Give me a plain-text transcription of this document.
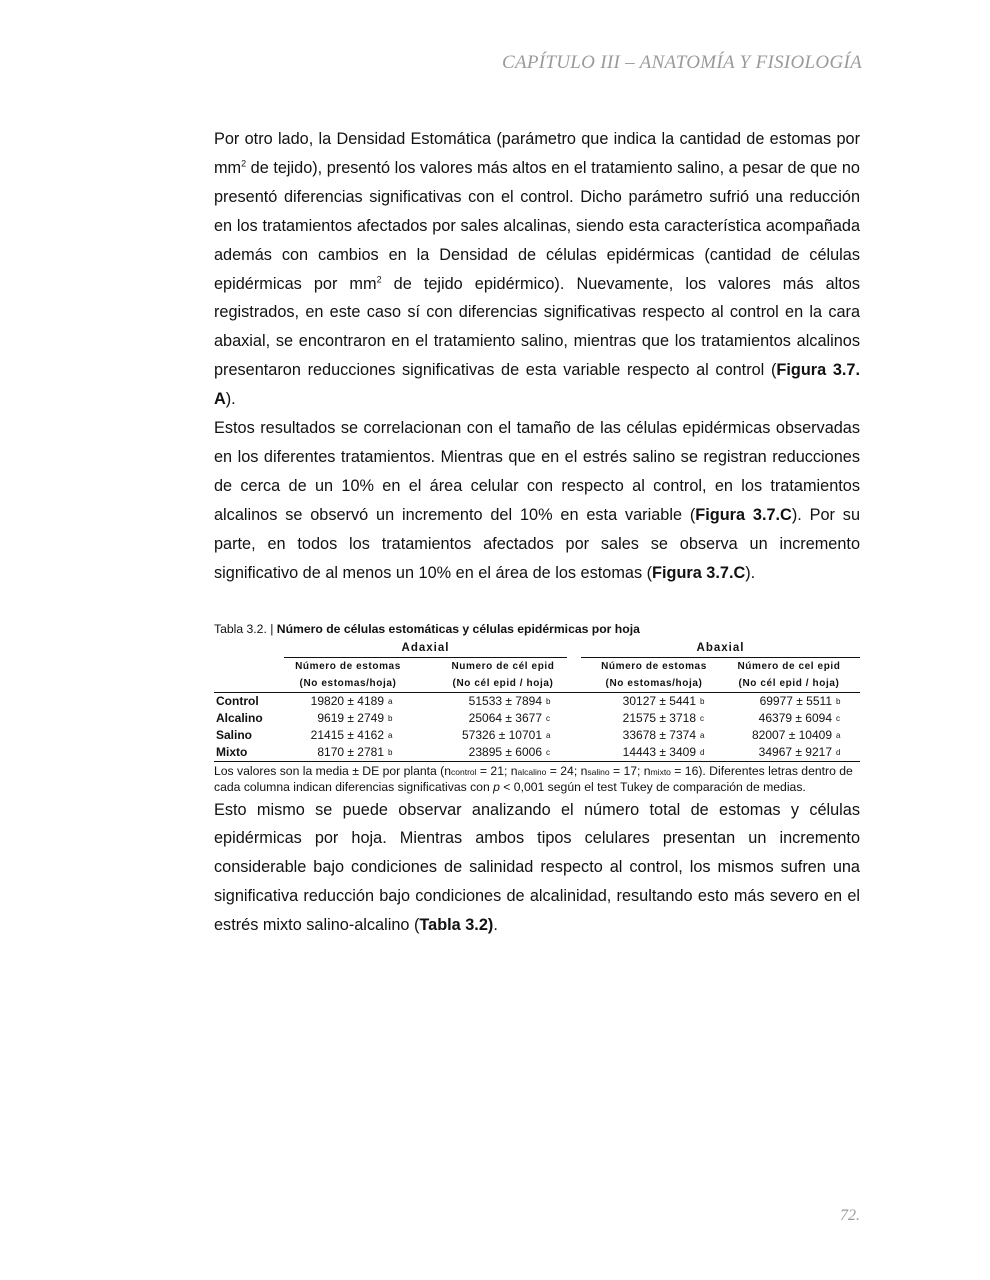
CAPÍTULO III – ANATOMÍA Y FISIOLOGÍA

Por otro lado, la Densidad Estomática (parámetro que indica la cantidad de estomas por $mm^2$ de tejido), presentó los valores más altos en el tratamiento salino, a pesar de que no presentó diferencias significativas con el control. Dicho parámetro sufrió una reducción en los tratamientos afectados por sales alcalinas, siendo esta característica acompañada además con cambios en la Densidad de células epidérmicas (cantidad de células epidérmicas por $mm^2$ de tejido epidérmico). Nuevamente, los valores más altos registrados, en este caso sí con diferencias significativas respecto al control en la cara abaxial, se encontraron en el tratamiento salino, mientras que los tratamientos alcalinos presentaron reducciones significativas de esta variable respecto al control (Figura 3.7. A).

Estos resultados se correlacionan con el tamaño de las células epidérmicas observadas en los diferentes tratamientos. Mientras que en el estrés salino se registran reducciones de cerca de un 10% en el área celular con respecto al control, en los tratamientos alcalinos se observó un incremento del 10% en esta variable (Figura 3.7.C). Por su parte, en todos los tratamientos afectados por sales se observa un incremento significativo de al menos un 10% en el área de los estomas (Figura 3.7.C).

Tabla 3.2. | Número de células estomáticas y células epidérmicas por hoja
	Adaxial					Abaxial				
	Número de estomas			Numero de cél epid			Número de estomas		Número de cel epid	
	(No estomas/hoja)			(No cél epid / hoja)			(No estomas/hoja)		(No cél epid / hoja)	
Control	19820 ± 4189	a		51533 ± 7894	b		30127 ± 5441	b	69977 ± 5511	b
Alcalino	9619 ± 2749	b		25064 ± 3677	c		21575 ± 3718	c	46379 ± 6094	c
Salino	21415 ± 4162	a		57326 ± 10701	a		33678 ± 7374	a	82007 ± 10409	a
Mixto	8170 ± 2781	b		23895 ± 6006	c		14443 ± 3409	d	34967 ± 9217	d
Los valores son la media ± DE por planta (ncontrol = 21; nalcalino = 24; nsalino = 17; nmixto = 16). Diferentes letras dentro de cada columna indican diferencias significativas con p < 0,001 según el test Tukey de comparación de medias.

Esto mismo se puede observar analizando el número total de estomas y células epidérmicas por hoja. Mientras ambos tipos celulares presentan un incremento considerable bajo condiciones de salinidad respecto al control, los mismos sufren una significativa reducción bajo condiciones de alcalinidad, resultando esto más severo en el estrés mixto salino-alcalino (Tabla 3.2).

72.
